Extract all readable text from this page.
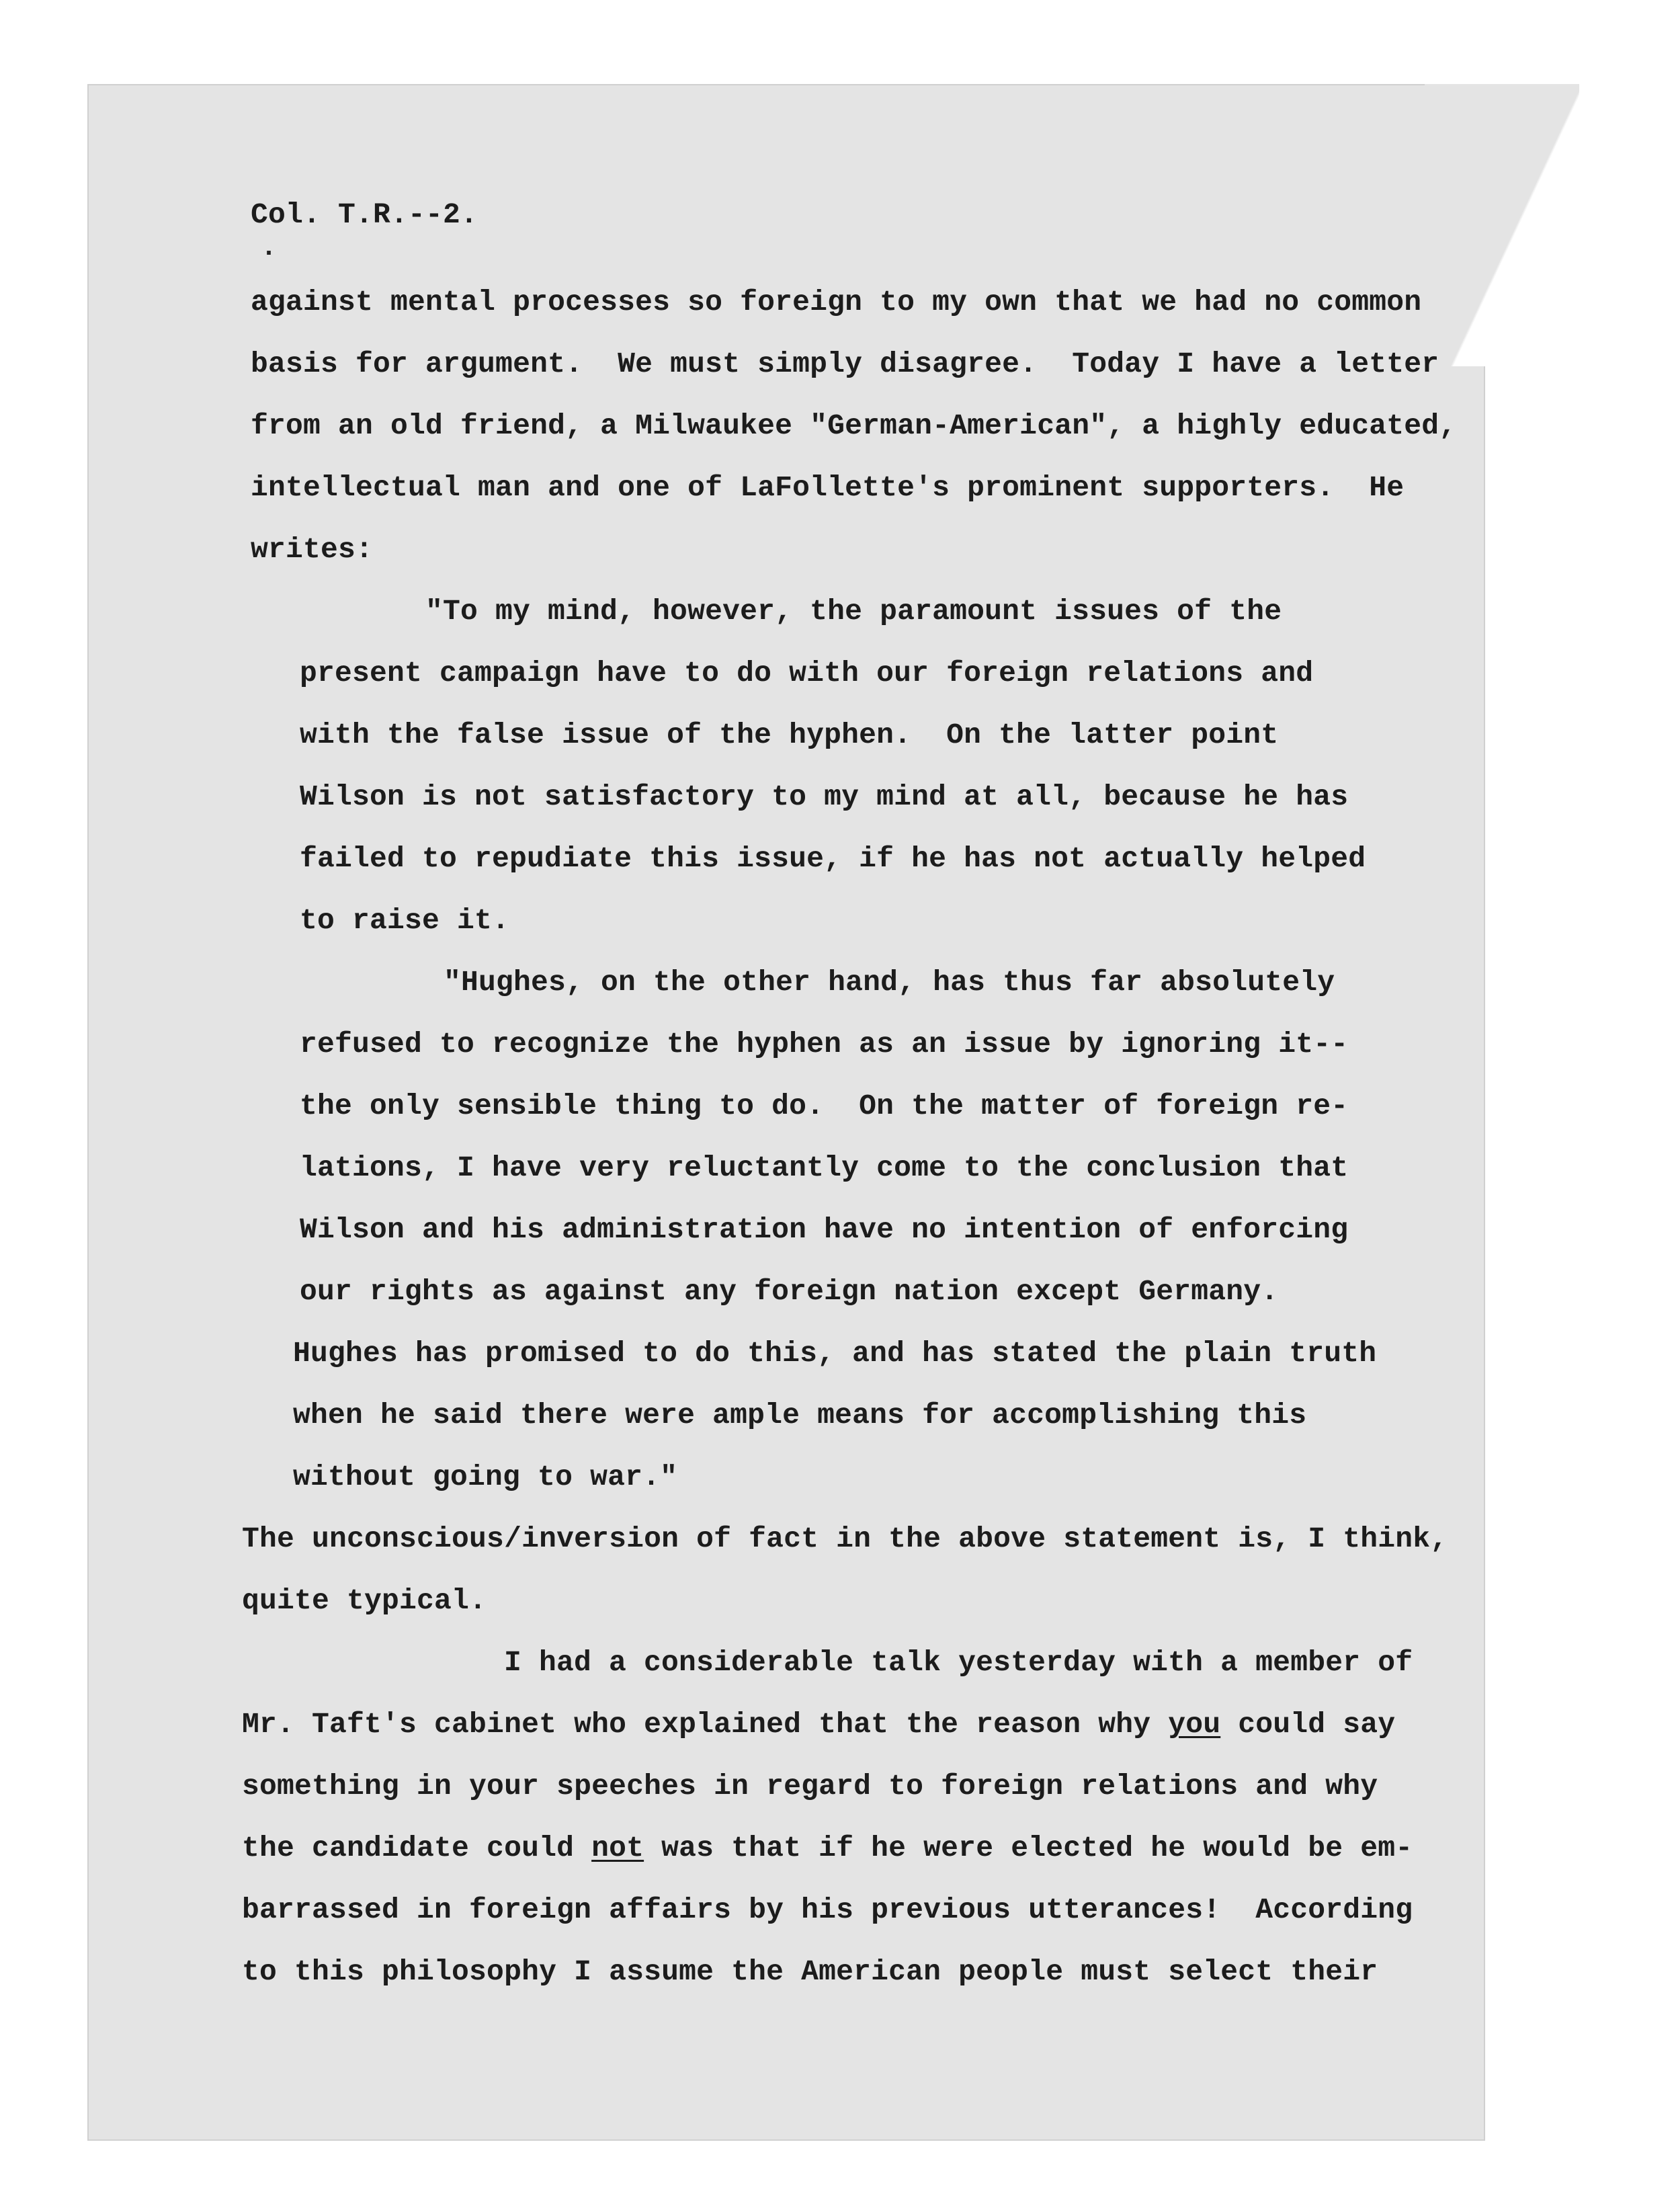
Col. T.R.--2.
·
against mental processes so foreign to my own that we had no common
basis for argument.  We must simply disagree.  Today I have a letter
from an old friend, a Milwaukee "German-American", a highly educated,
intellectual man and one of LaFollette's prominent supporters.  He
writes:
"To my mind, however, the paramount issues of the
present campaign have to do with our foreign relations and
with the false issue of the hyphen.  On the latter point
Wilson is not satisfactory to my mind at all, because he has
failed to repudiate this issue, if he has not actually helped
to raise it.
"Hughes, on the other hand, has thus far absolutely
refused to recognize the hyphen as an issue by ignoring it--
the only sensible thing to do.  On the matter of foreign re-
lations, I have very reluctantly come to the conclusion that
Wilson and his administration have no intention of enforcing
our rights as against any foreign nation except Germany.
Hughes has promised to do this, and has stated the plain truth
when he said there were ample means for accomplishing this
without going to war."
The unconscious/inversion of fact in the above statement is, I think,
quite typical.
I had a considerable talk yesterday with a member of
Mr. Taft's cabinet who explained that the reason why you could say
something in your speeches in regard to foreign relations and why
the candidate could not was that if he were elected he would be em-
barrassed in foreign affairs by his previous utterances!  According
to this philosophy I assume the American people must select their
